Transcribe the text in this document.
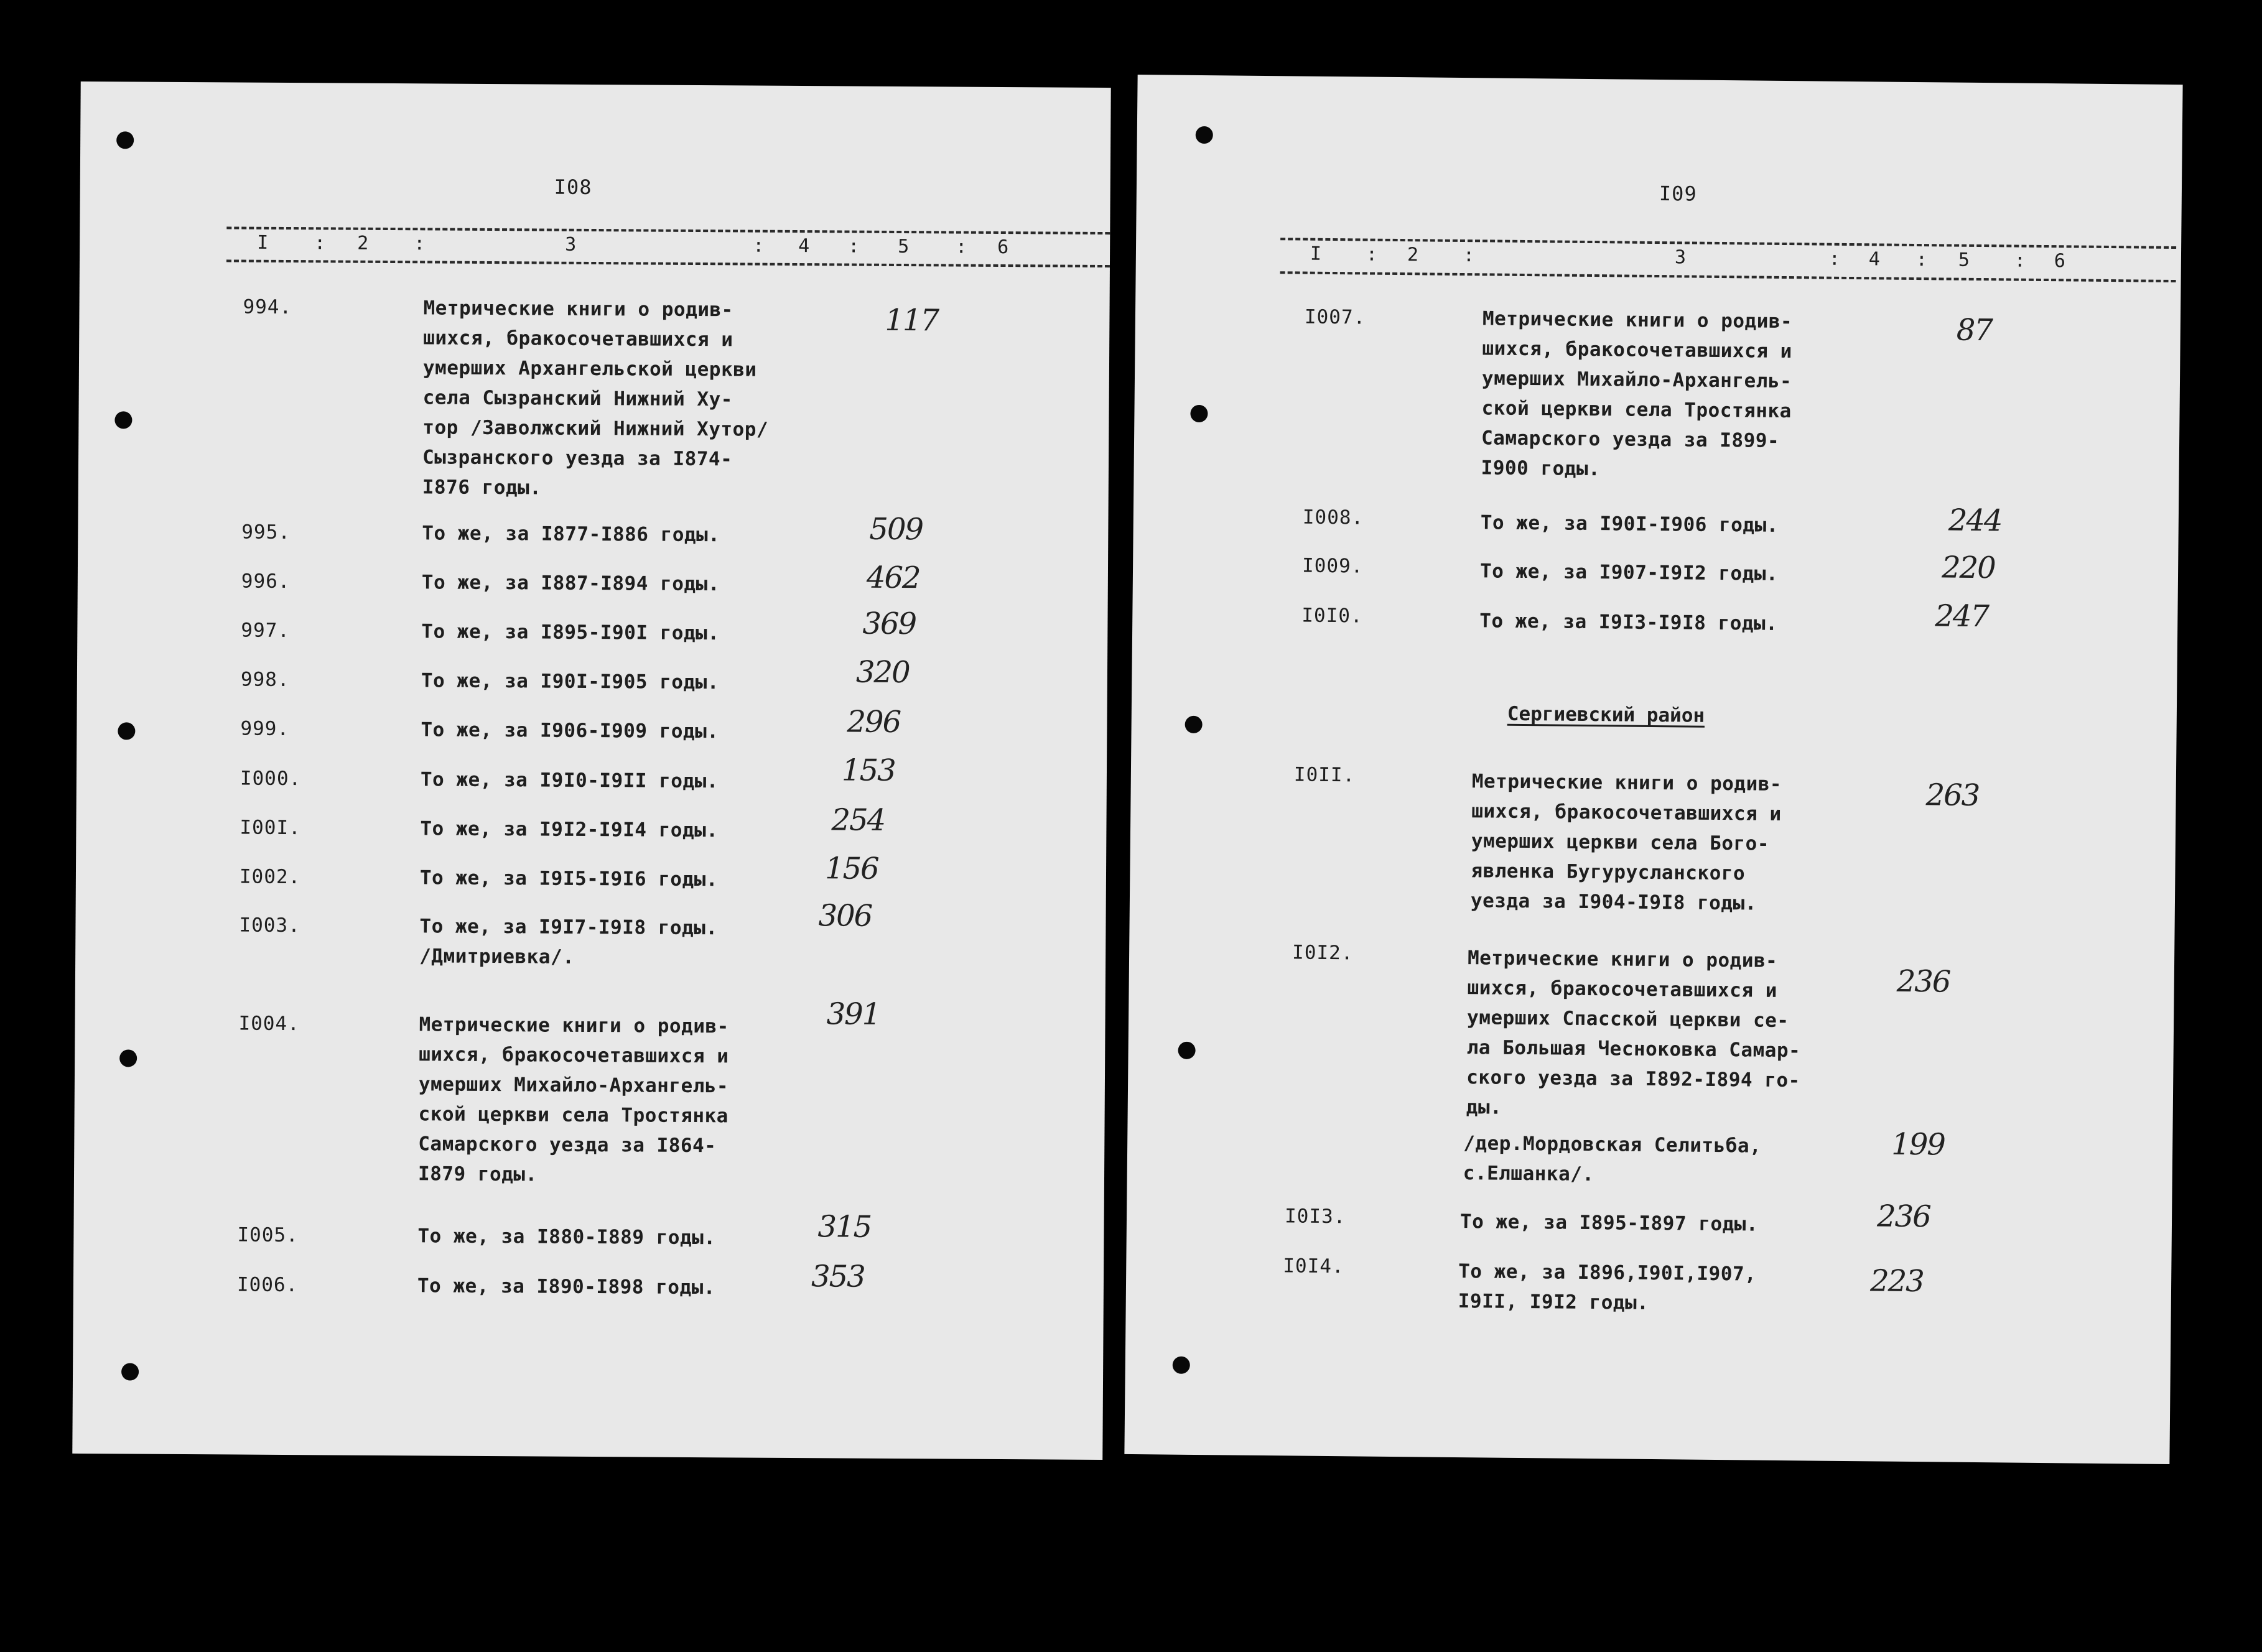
I08
I : 2 :	3	: 4 : 5 : 6
994.	Метрические книги о родив-
шихся, бракосочетавшихся и
умерших Архангельской церкви
села Сызранский Нижний Ху-
тор /Заволжский Нижний Хутор/
Сызранского уезда за I874-
I876 годы.
117
995.	То же, за I877-I886 годы.	509
996.	То же, за I887-I894 годы.	462
997.	То же, за I895-I90I годы.	369
998.	То же, за I90I-I905 годы.	320
999.	То же, за I906-I909 годы.	296
I000.	То же, за I9I0-I9II годы.	153
I00I.	То же, за I9I2-I9I4 годы.	254
I002.	То же, за I9I5-I9I6 годы.	156
I003.	То же, за I9I7-I9I8 годы.
/Дмитриевка/.
306
I004.	Метрические книги о родив-
шихся, бракосочетавшихся и
умерших Михайло-Архангель-
ской церкви села Тростянка
Самарского уезда за I864-
I879 годы.
391
I005.	То же, за I880-I889 годы.	315
I006.	То же, за I890-I898 годы.	353
I09
I : 2 :	3	: 4 : 5 : 6
I007.	Метрические книги о родив-
шихся, бракосочетавшихся и
умерших Михайло-Архангель-
ской церкви села Тростянка
Самарского уезда за I899-
I900 годы.
87
I008.	То же, за I90I-I906 годы.	244
I009.	То же, за I907-I9I2 годы.	220
I0I0.	То же, за I9I3-I9I8 годы.	247
Сергиевский район
I0II.	Метрические книги о родив-
шихся, бракосочетавшихся и
умерших церкви села Бого-
явленка Бугурусланского
уезда за I904-I9I8 годы.
263
I0I2.	Метрические книги о родив-
шихся, бракосочетавшихся и
умерших Спасской церкви се-
ла Большая Чесноковка Самар-
ского уезда за I892-I894 го-
ды.
236
/дер.Мордовская Селитьба,
с.Елшанка/.
199
I0I3.	То же, за I895-I897 годы.	236
I0I4.	То же, за I896,I90I,I907,
I9II, I9I2 годы.
223
